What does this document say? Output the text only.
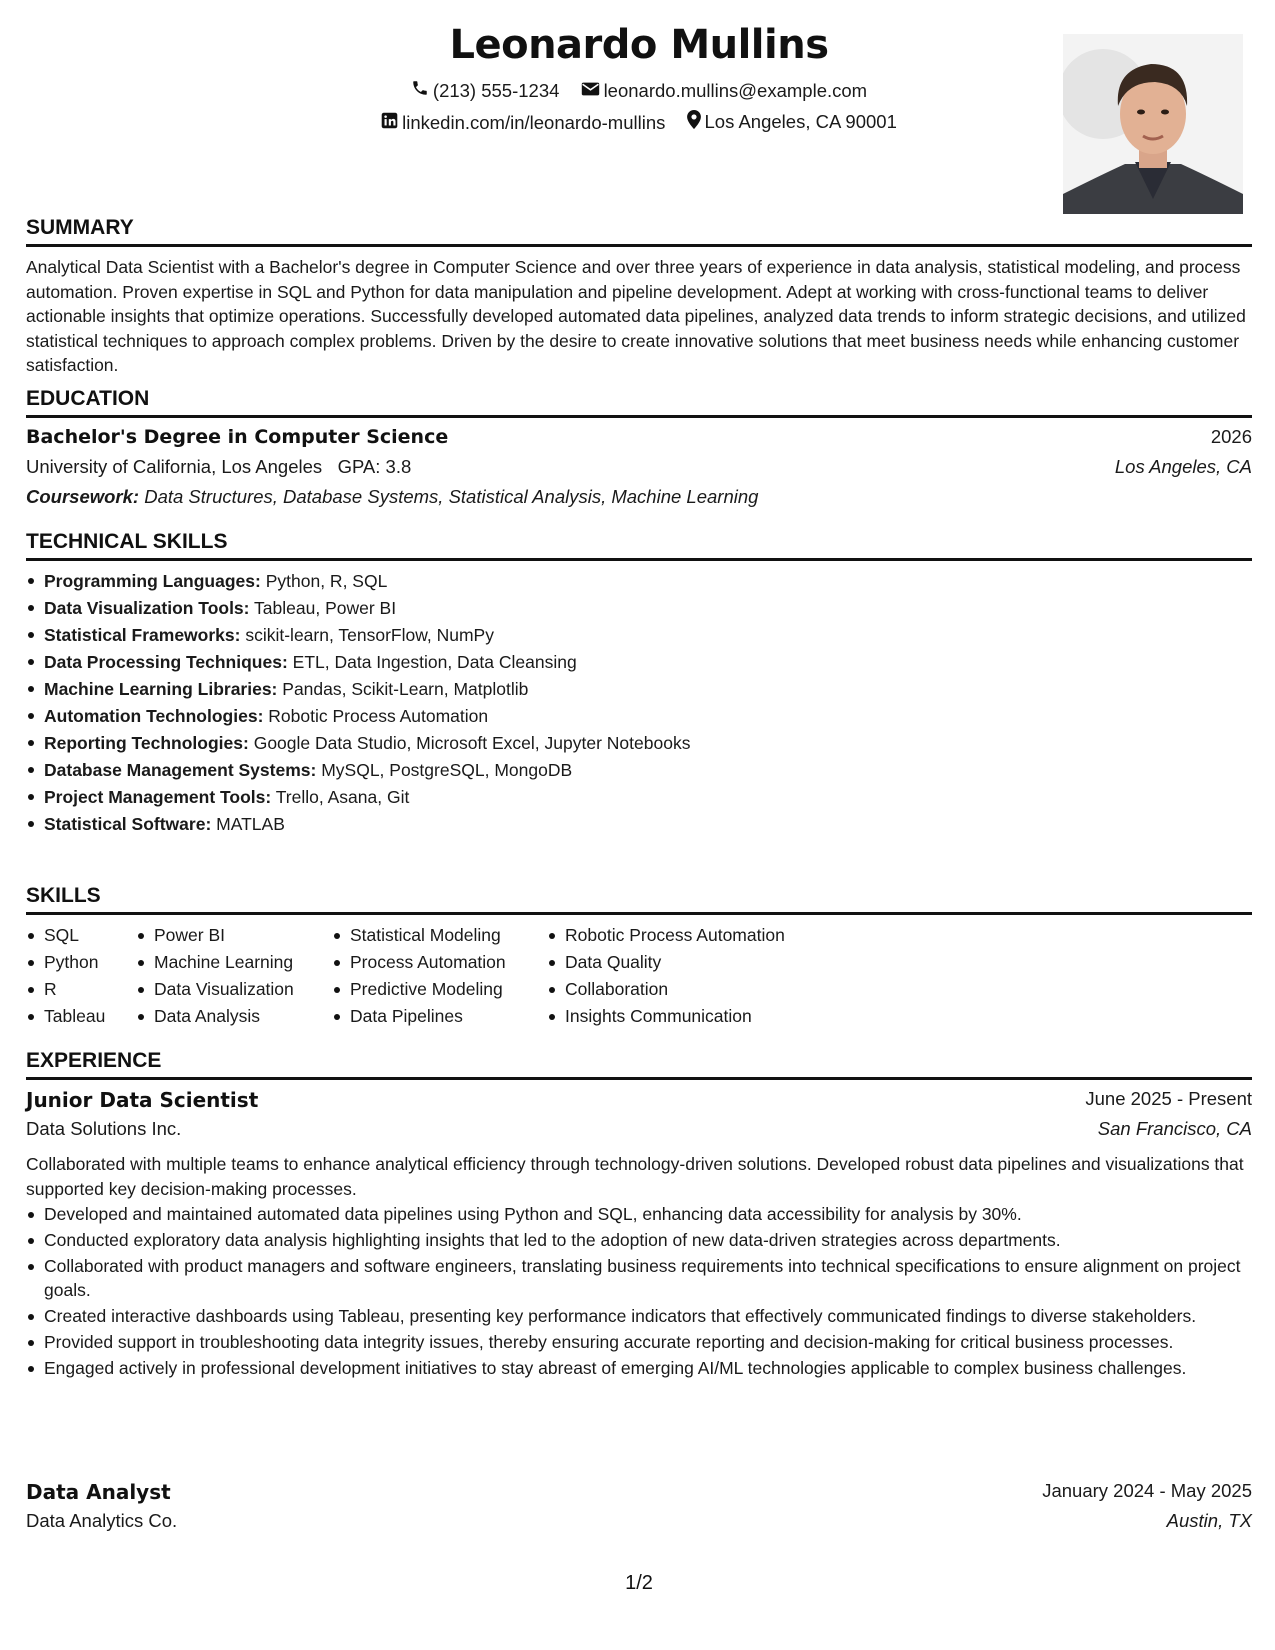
Leonardo Mullins
(213) 555-1234
leonardo.mullins@example.com
linkedin.com/in/leonardo-mullins
Los Angeles, CA 90001
SUMMARY
Analytical Data Scientist with a Bachelor's degree in Computer Science and over three years of experience in data analysis, statistical modeling, and process automation. Proven expertise in SQL and Python for data manipulation and pipeline development. Adept at working with cross-functional teams to deliver actionable insights that optimize operations. Successfully developed automated data pipelines, analyzed data trends to inform strategic decisions, and utilized statistical techniques to approach complex problems. Driven by the desire to create innovative solutions that meet business needs while enhancing customer satisfaction.
EDUCATION
Bachelor's Degree in Computer Science	2026
University of California, Los Angeles GPA: 3.8	Los Angeles, CA
Coursework: Data Structures, Database Systems, Statistical Analysis, Machine Learning
TECHNICAL SKILLS
Programming Languages: Python, R, SQL
Data Visualization Tools: Tableau, Power BI
Statistical Frameworks: scikit-learn, TensorFlow, NumPy
Data Processing Techniques: ETL, Data Ingestion, Data Cleansing
Machine Learning Libraries: Pandas, Scikit-Learn, Matplotlib
Automation Technologies: Robotic Process Automation
Reporting Technologies: Google Data Studio, Microsoft Excel, Jupyter Notebooks
Database Management Systems: MySQL, PostgreSQL, MongoDB
Project Management Tools: Trello, Asana, Git
Statistical Software: MATLAB
SKILLS
SQL
Python
R
Tableau
Power BI
Machine Learning
Data Visualization
Data Analysis
Statistical Modeling
Process Automation
Predictive Modeling
Data Pipelines
Robotic Process Automation
Data Quality
Collaboration
Insights Communication
EXPERIENCE
Junior Data Scientist	June 2025 - Present
Data Solutions Inc.	San Francisco, CA
Collaborated with multiple teams to enhance analytical efficiency through technology-driven solutions. Developed robust data pipelines and visualizations that supported key decision-making processes.
Developed and maintained automated data pipelines using Python and SQL, enhancing data accessibility for analysis by 30%.
Conducted exploratory data analysis highlighting insights that led to the adoption of new data-driven strategies across departments.
Collaborated with product managers and software engineers, translating business requirements into technical specifications to ensure alignment on project goals.
Created interactive dashboards using Tableau, presenting key performance indicators that effectively communicated findings to diverse stakeholders.
Provided support in troubleshooting data integrity issues, thereby ensuring accurate reporting and decision-making for critical business processes.
Engaged actively in professional development initiatives to stay abreast of emerging AI/ML technologies applicable to complex business challenges.
Data Analyst	January 2024 - May 2025
Data Analytics Co.	Austin, TX
1/2
